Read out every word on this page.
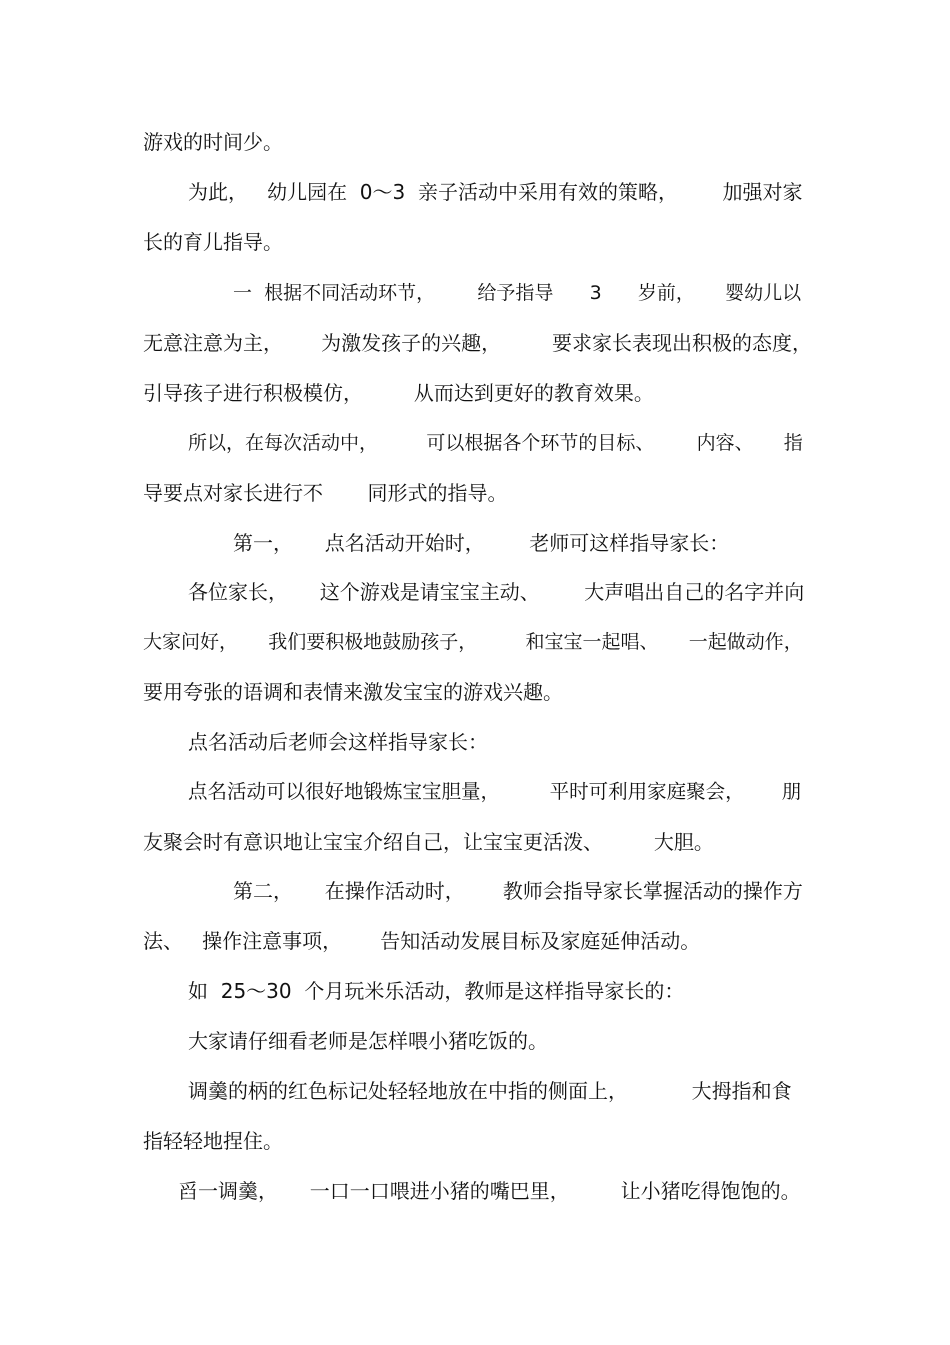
游戏的时间少。
为此，   幼儿园在  0～3  亲子活动中采用有效的策略，       加强对家
长的育儿指导。
一  根据不同活动环节，       给予指导      3      岁前，     婴幼儿以
无意注意为主，      为激发孩子的兴趣，        要求家长表现出积极的态度，
引导孩子进行积极模仿，        从而达到更好的教育效果。
所以，在每次活动中，        可以根据各个环节的目标、       内容、     指
导要点对家长进行不       同形式的指导。
第一，     点名活动开始时，       老师可这样指导家长：
各位家长，     这个游戏是请宝宝主动、       大声唱出自己的名字并向
大家问好，     我们要积极地鼓励孩子，        和宝宝一起唱、     一起做动作，
要用夸张的语调和表情来激发宝宝的游戏兴趣。
点名活动后老师会这样指导家长：
点名活动可以很好地锻炼宝宝胆量，        平时可利用家庭聚会，      朋
友聚会时有意识地让宝宝介绍自己，让宝宝更活泼、        大胆。
第二，     在操作活动时，      教师会指导家长掌握活动的操作方
法、   操作注意事项，      告知活动发展目标及家庭延伸活动。
如  25～30  个月玩米乐活动，教师是这样指导家长的：
大家请仔细看老师是怎样喂小猪吃饭的。
调羹的柄的红色标记处轻轻地放在中指的侧面上，          大拇指和食
指轻轻地捏住。
舀一调羹，     一口一口喂进小猪的嘴巴里，        让小猪吃得饱饱的。
